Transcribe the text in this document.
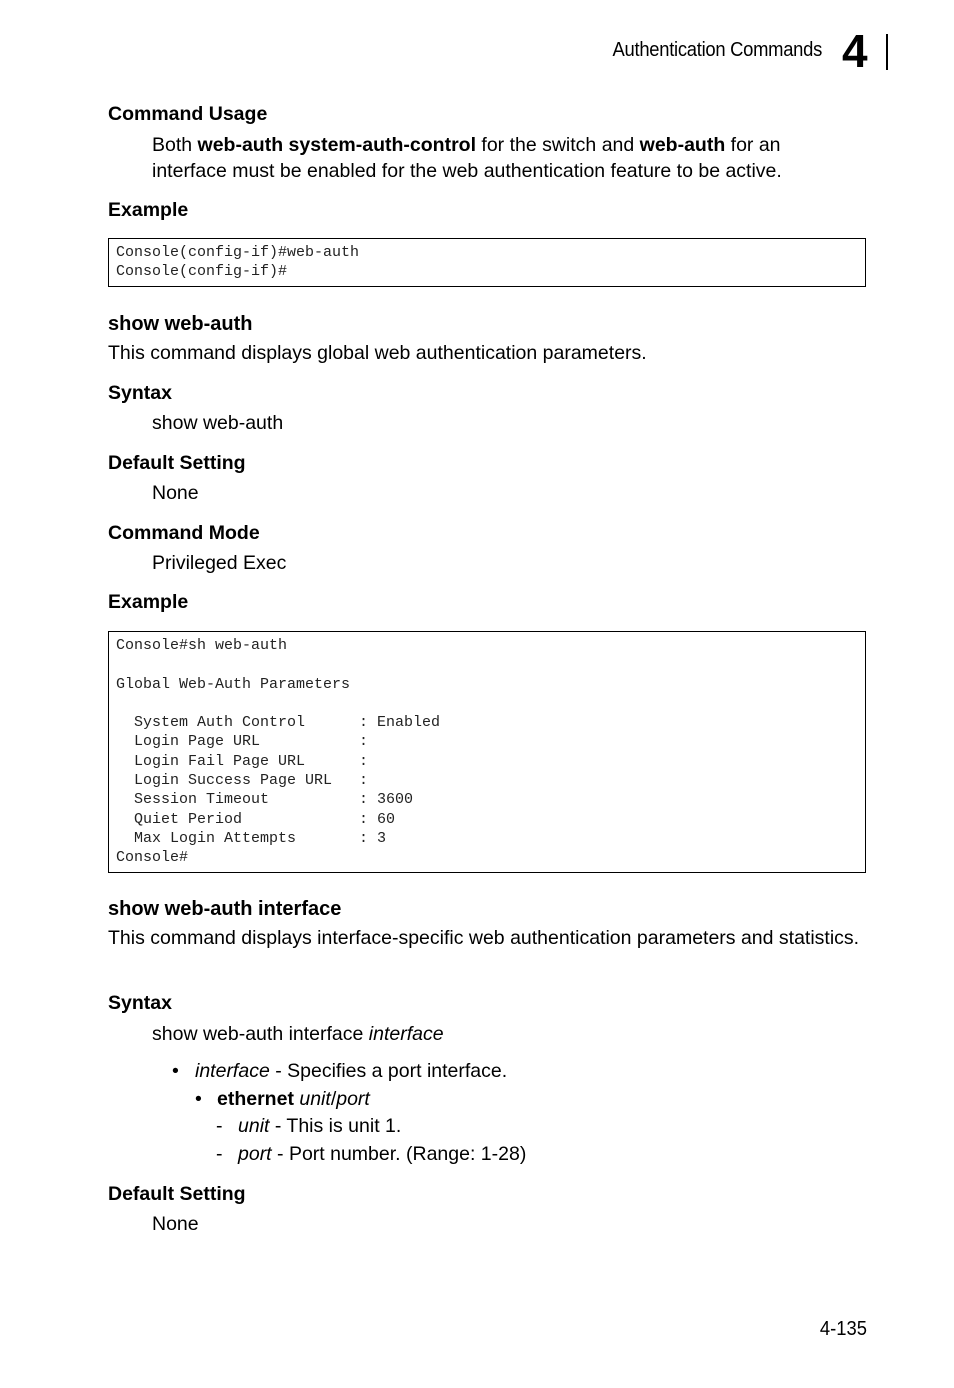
Authentication Commands 4
Command Usage
Both web-auth system-auth-control for the switch and web-auth for an interface must be enabled for the web authentication feature to be active.
Example
Console(config-if)#web-auth
Console(config-if)#
show web-auth
This command displays global web authentication parameters.
Syntax
show web-auth
Default Setting
None
Command Mode
Privileged Exec
Example
Console#sh web-auth

Global Web-Auth Parameters

System Auth Control      : Enabled
Login Page URL           :
Login Fail Page URL      :
Login Success Page URL   :
Session Timeout          : 3600
Quiet Period             : 60
Max Login Attempts       : 3
Console#
show web-auth interface
This command displays interface-specific web authentication parameters and statistics.
Syntax
show web-auth interface interface
• interface - Specifies a port interface.
• ethernet unit/port
- unit - This is unit 1.
- port - Port number. (Range: 1-28)
Default Setting
None
4-135
